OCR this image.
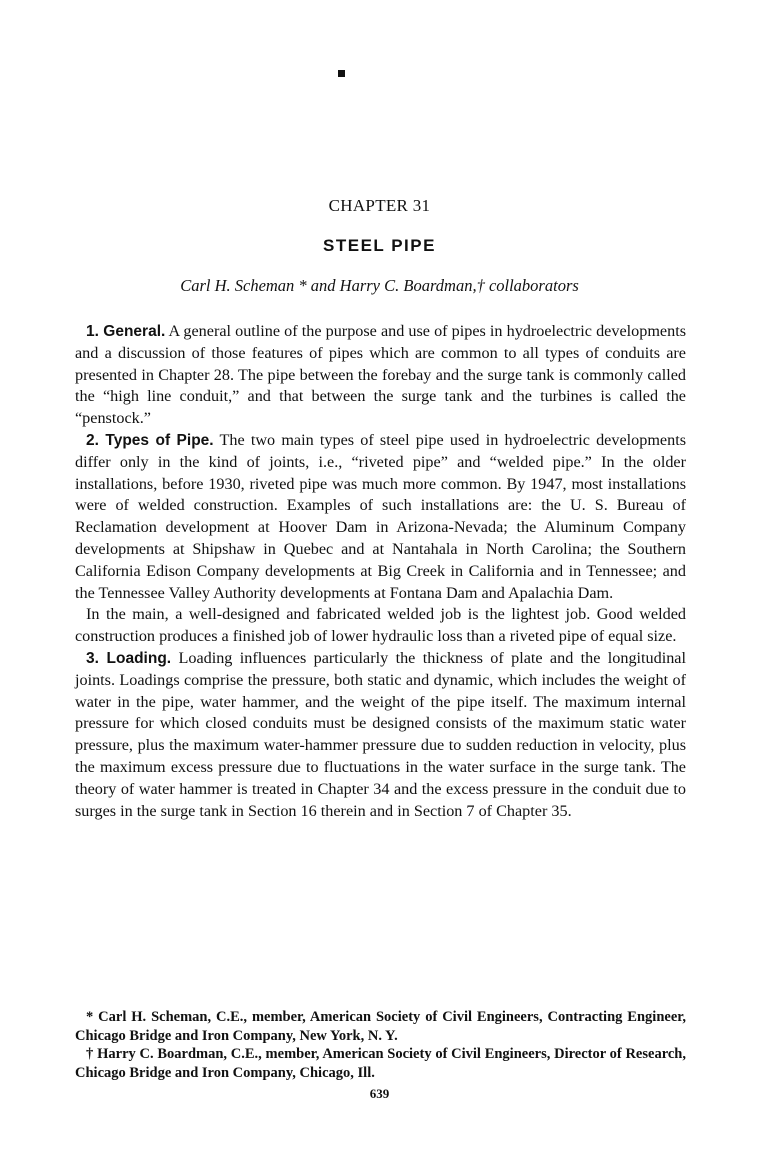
CHAPTER 31
STEEL PIPE
Carl H. Scheman * and Harry C. Boardman,† collaborators

1. General. A general outline of the purpose and use of pipes in hydroelectric developments and a discussion of those features of pipes which are common to all types of conduits are presented in Chapter 28. The pipe between the forebay and the surge tank is commonly called the “high line conduit,” and that between the surge tank and the turbines is called the “penstock.”

2. Types of Pipe. The two main types of steel pipe used in hydroelectric developments differ only in the kind of joints, i.e., “riveted pipe” and “welded pipe.” In the older installations, before 1930, riveted pipe was much more common. By 1947, most installations were of welded construction. Examples of such installations are: the U. S. Bureau of Reclamation development at Hoover Dam in Arizona-Nevada; the Aluminum Company developments at Shipshaw in Quebec and at Nantahala in North Carolina; the Southern California Edison Company developments at Big Creek in California and in Tennessee; and the Tennessee Valley Authority developments at Fontana Dam and Apalachia Dam.

In the main, a well-designed and fabricated welded job is the lightest job. Good welded construction produces a finished job of lower hydraulic loss than a riveted pipe of equal size.

3. Loading. Loading influences particularly the thickness of plate and the longitudinal joints. Loadings comprise the pressure, both static and dynamic, which includes the weight of water in the pipe, water hammer, and the weight of the pipe itself. The maximum internal pressure for which closed conduits must be designed consists of the maximum static water pressure, plus the maximum water-hammer pressure due to sudden reduction in velocity, plus the maximum excess pressure due to fluctuations in the water surface in the surge tank. The theory of water hammer is treated in Chapter 34 and the excess pressure in the conduit due to surges in the surge tank in Section 16 therein and in Section 7 of Chapter 35.

* Carl H. Scheman, C.E., member, American Society of Civil Engineers, Contracting Engineer, Chicago Bridge and Iron Company, New York, N. Y.

† Harry C. Boardman, C.E., member, American Society of Civil Engineers, Director of Research, Chicago Bridge and Iron Company, Chicago, Ill.

639
